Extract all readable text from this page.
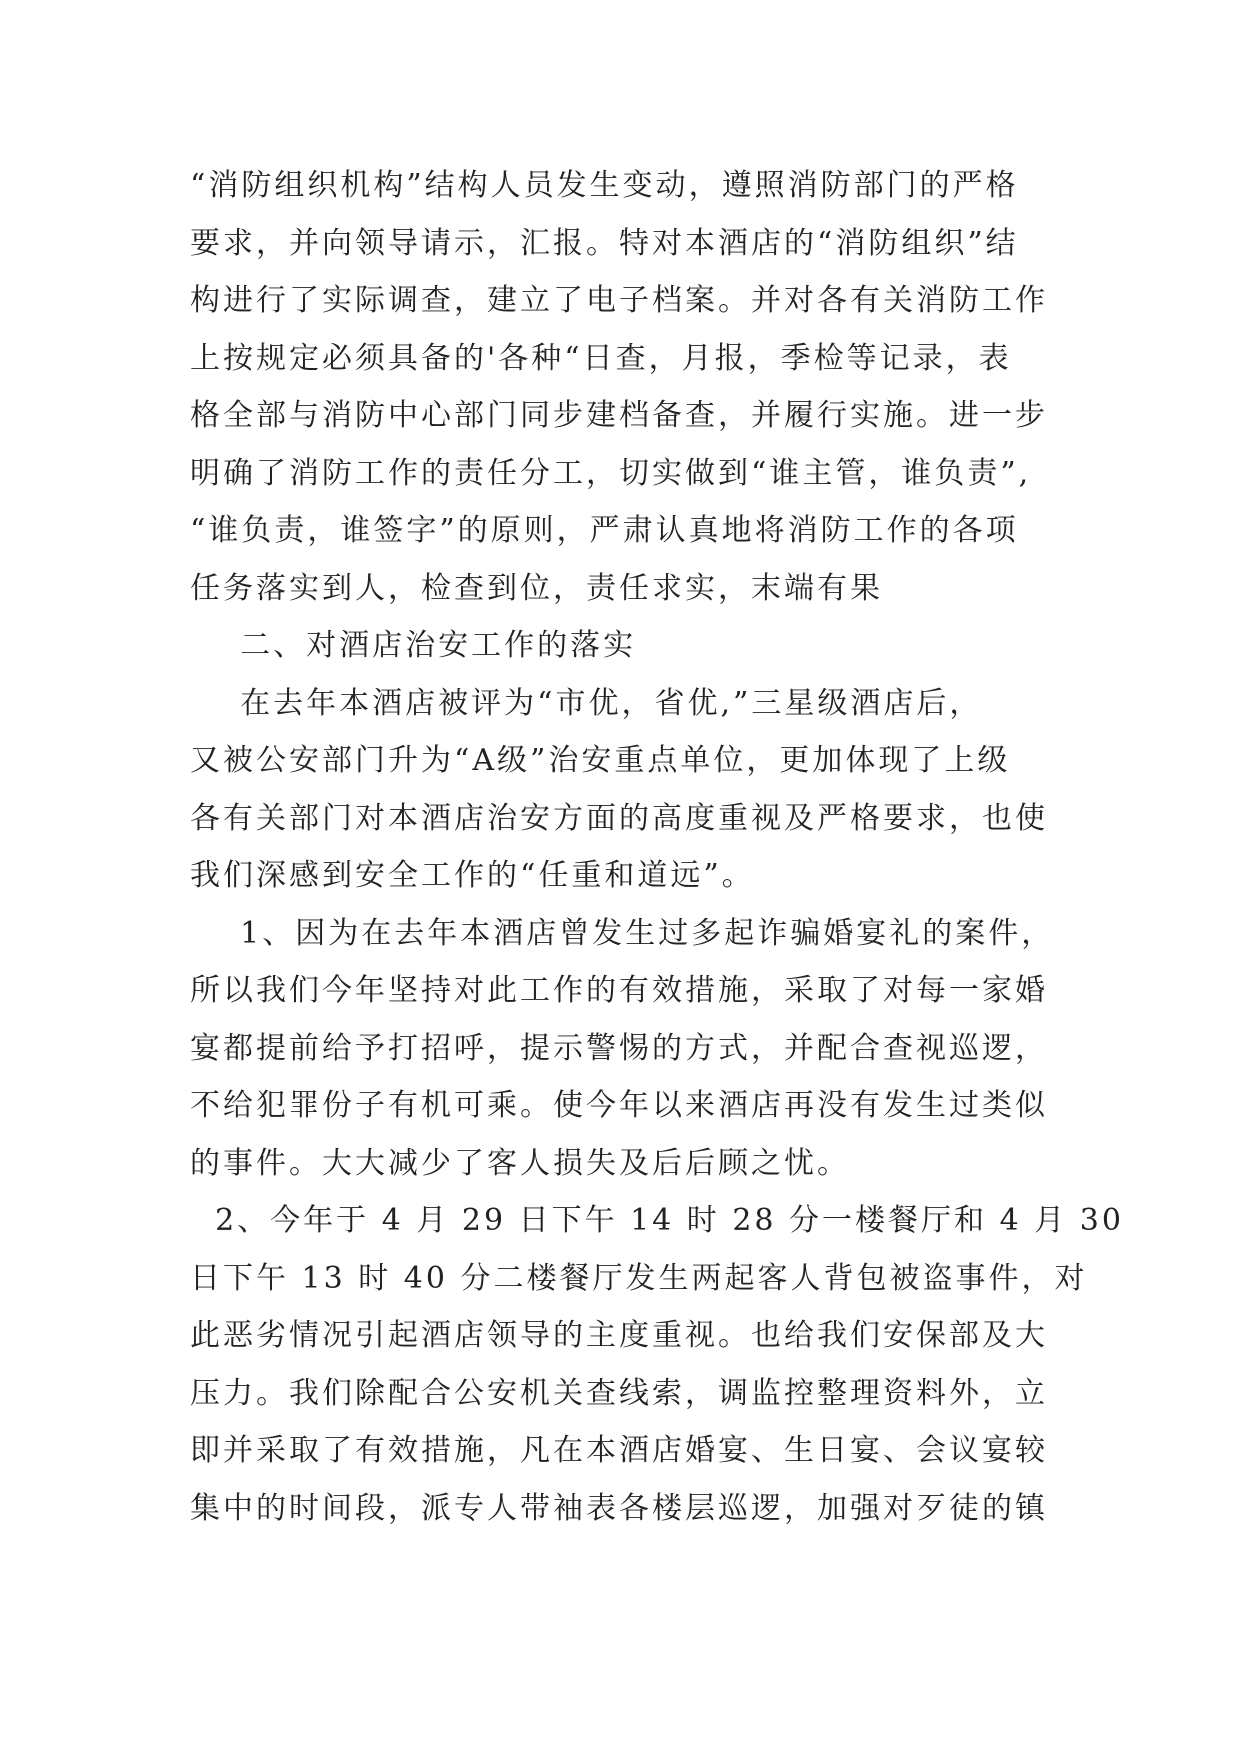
“消防组织机构”结构人员发生变动，遵照消防部门的严格
要求，并向领导请示，汇报。特对本酒店的“消防组织”结
构进行了实际调查，建立了电子档案。并对各有关消防工作
上按规定必须具备的'各种“日查，月报，季检等记录，表
格全部与消防中心部门同步建档备查，并履行实施。进一步
明确了消防工作的责任分工，切实做到“谁主管，谁负责”,
“谁负责，谁签字”的原则，严肃认真地将消防工作的各项
任务落实到人，检查到位，责任求实，末端有果
二、对酒店治安工作的落实
在去年本酒店被评为“市优，省优,”三星级酒店后，
又被公安部门升为“A级”治安重点单位，更加体现了上级
各有关部门对本酒店治安方面的高度重视及严格要求，也使
我们深感到安全工作的“任重和道远”。
1、因为在去年本酒店曾发生过多起诈骗婚宴礼的案件，
所以我们今年坚持对此工作的有效措施，采取了对每一家婚
宴都提前给予打招呼，提示警惕的方式，并配合查视巡逻，
不给犯罪份子有机可乘。使今年以来酒店再没有发生过类似
的事件。大大减少了客人损失及后后顾之忧。
2、今年于 4 月 29 日下午 14 时 28 分一楼餐厅和 4 月 30
日下午 13 时 40 分二楼餐厅发生两起客人背包被盗事件，对
此恶劣情况引起酒店领导的主度重视。也给我们安保部及大
压力。我们除配合公安机关查线索，调监控整理资料外，立
即并采取了有效措施，凡在本酒店婚宴、生日宴、会议宴较
集中的时间段，派专人带袖表各楼层巡逻，加强对歹徒的镇
